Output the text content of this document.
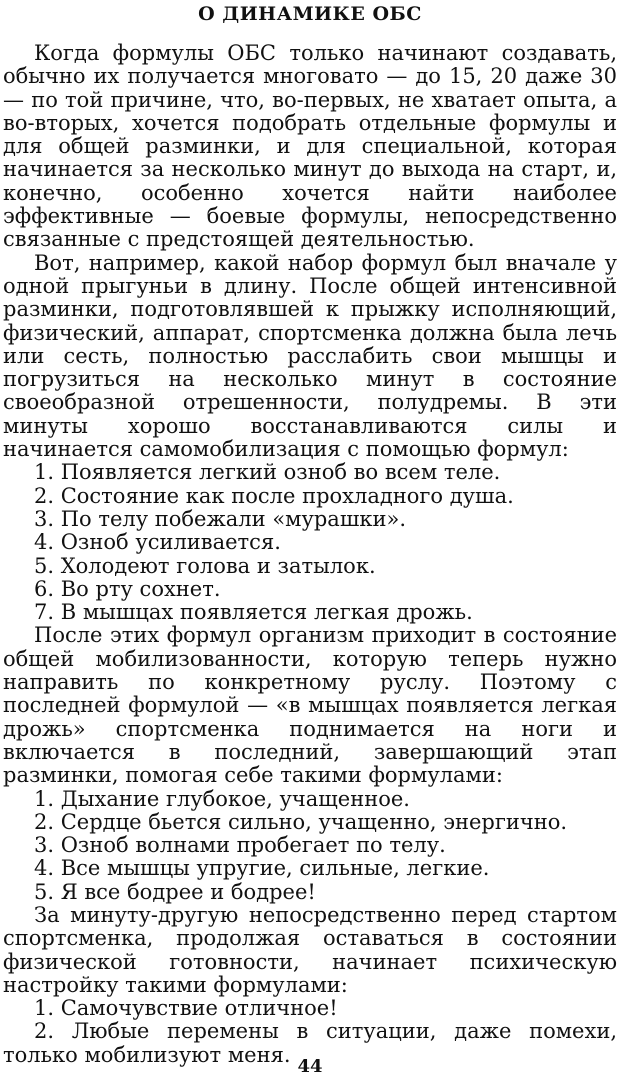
О ДИНАМИКЕ ОБС

Когда формулы ОБС только начинают создавать, обычно их получается многовато — до 15, 20 даже 30 — по той причине, что, во-первых, не хватает опыта, а во-вторых, хочется подобрать отдельные формулы и для общей разминки, и для специальной, которая начинается за несколько минут до выхода на старт, и, конечно, особенно хочется найти наиболее эффективные — боевые формулы, непосредственно связанные с предстоящей деятельностью.

Вот, например, какой набор формул был вначале у одной прыгуньи в длину. После общей интенсивной разминки, подготовлявшей к прыжку исполняющий, физический, аппарат, спортсменка должна была лечь или сесть, полностью расслабить свои мышцы и погрузиться на несколько минут в состояние своеобразной отрешенности, полудремы. В эти минуты хорошо восстанавливаются силы и начинается самомобилизация с помощью формул:

1. Появляется легкий озноб во всем теле.
2. Состояние как после прохладного душа.
3. По телу побежали «мурашки».
4. Озноб усиливается.
5. Холодеют голова и затылок.
6. Во рту сохнет.
7. В мышцах появляется легкая дрожь.

После этих формул организм приходит в состояние общей мобилизованности, которую теперь нужно направить по конкретному руслу. Поэтому с последней формулой — «в мышцах появляется легкая дрожь» спортсменка поднимается на ноги и включается в последний, завершающий этап разминки, помогая себе такими формулами:

1. Дыхание глубокое, учащенное.
2. Сердце бьется сильно, учащенно, энергично.
3. Озноб волнами пробегает по телу.
4. Все мышцы упругие, сильные, легкие.
5. Я все бодрее и бодрее!

За минуту-другую непосредственно перед стартом спортсменка, продолжая оставаться в состоянии физической готовности, начинает психическую настройку такими формулами:

1. Самочувствие отличное!
2. Любые перемены в ситуации, даже помехи, только мобилизуют меня. 44
